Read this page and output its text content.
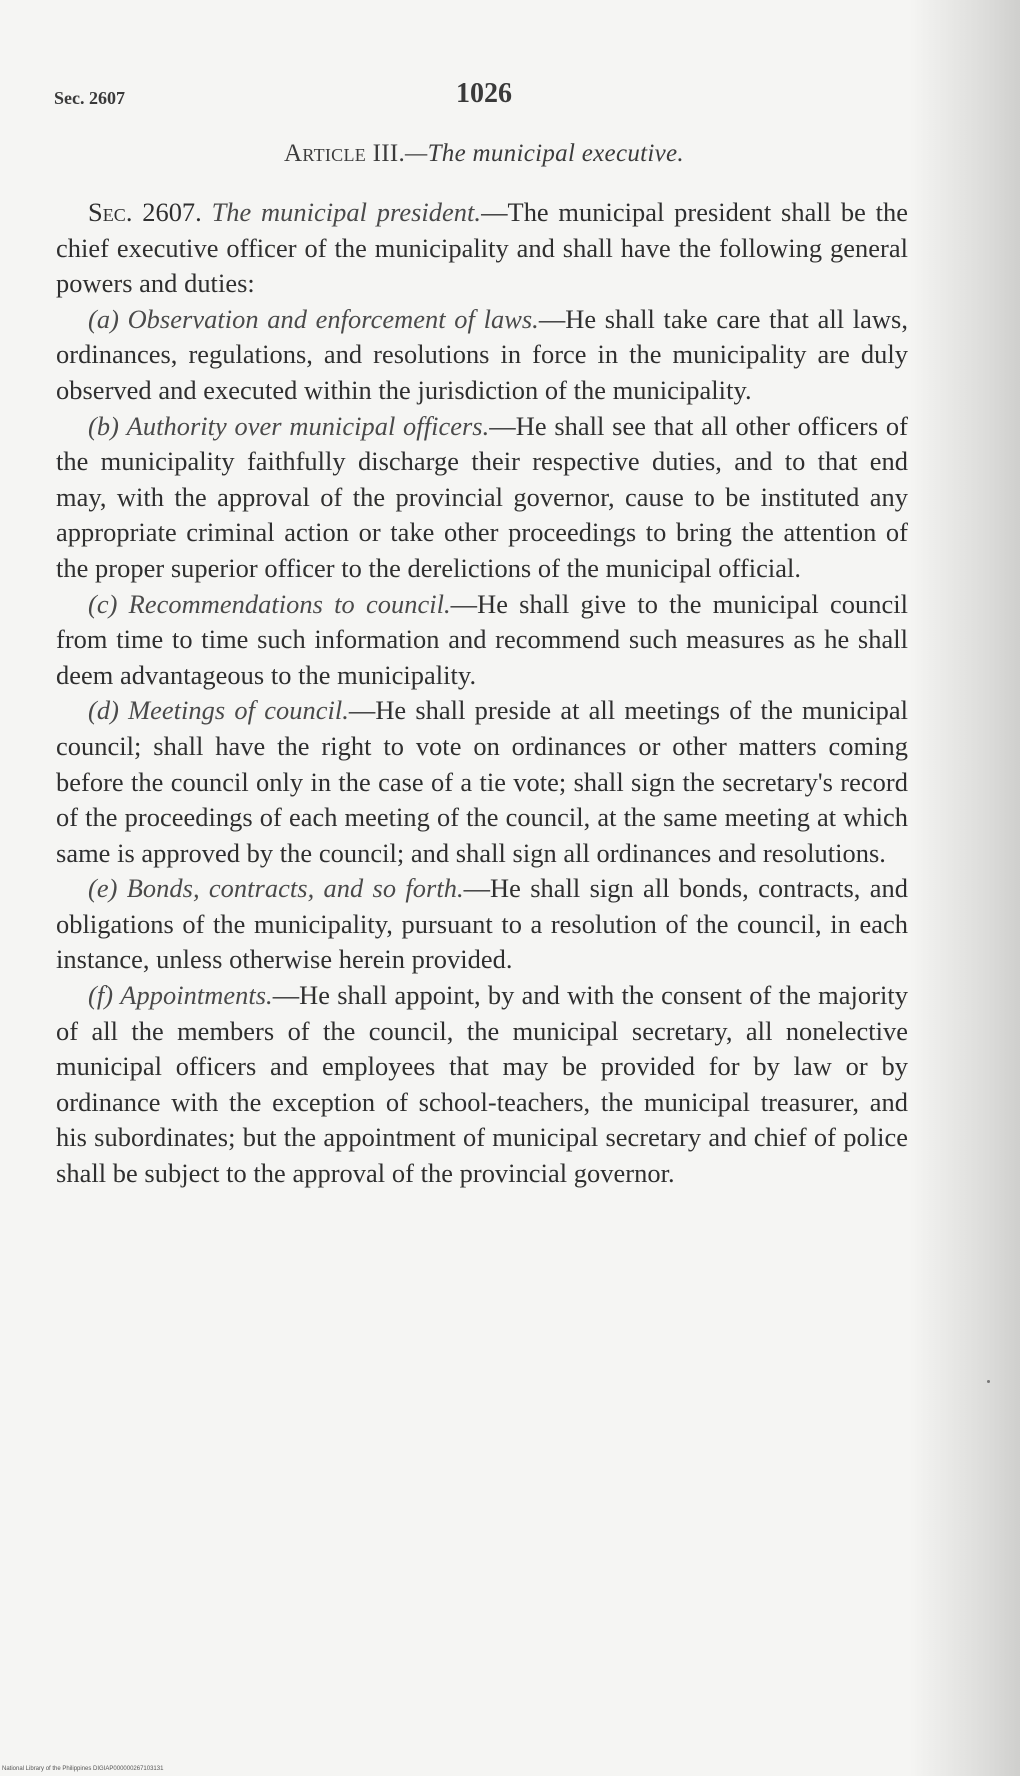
Sec. 2607	1026
Article III.—The municipal executive.

Sec. 2607. The municipal president.—The municipal president shall be the chief executive officer of the municipality and shall have the following general powers and duties:

(a) Observation and enforcement of laws.—He shall take care that all laws, ordinances, regulations, and resolutions in force in the municipality are duly observed and executed within the jurisdiction of the municipality.

(b) Authority over municipal officers.—He shall see that all other officers of the municipality faithfully discharge their respective duties, and to that end may, with the approval of the provincial governor, cause to be instituted any appropriate criminal action or take other proceedings to bring the attention of the proper superior officer to the derelictions of the municipal official.

(c) Recommendations to council.—He shall give to the municipal council from time to time such information and recommend such measures as he shall deem advantageous to the municipality.

(d) Meetings of council.—He shall preside at all meetings of the municipal council; shall have the right to vote on ordinances or other matters coming before the council only in the case of a tie vote; shall sign the secretary's record of the proceedings of each meeting of the council, at the same meeting at which same is approved by the council; and shall sign all ordinances and resolutions.

(e) Bonds, contracts, and so forth.—He shall sign all bonds, contracts, and obligations of the municipality, pursuant to a resolution of the council, in each instance, unless otherwise herein provided.

(f) Appointments.—He shall appoint, by and with the consent of the majority of all the members of the council, the municipal secretary, all nonelective municipal officers and employees that may be provided for by law or by ordinance with the exception of school-teachers, the municipal treasurer, and his subordinates; but the appointment of municipal secretary and chief of police shall be subject to the approval of the provincial governor.

National Library of the Philippines DIGIAP000000267103131
